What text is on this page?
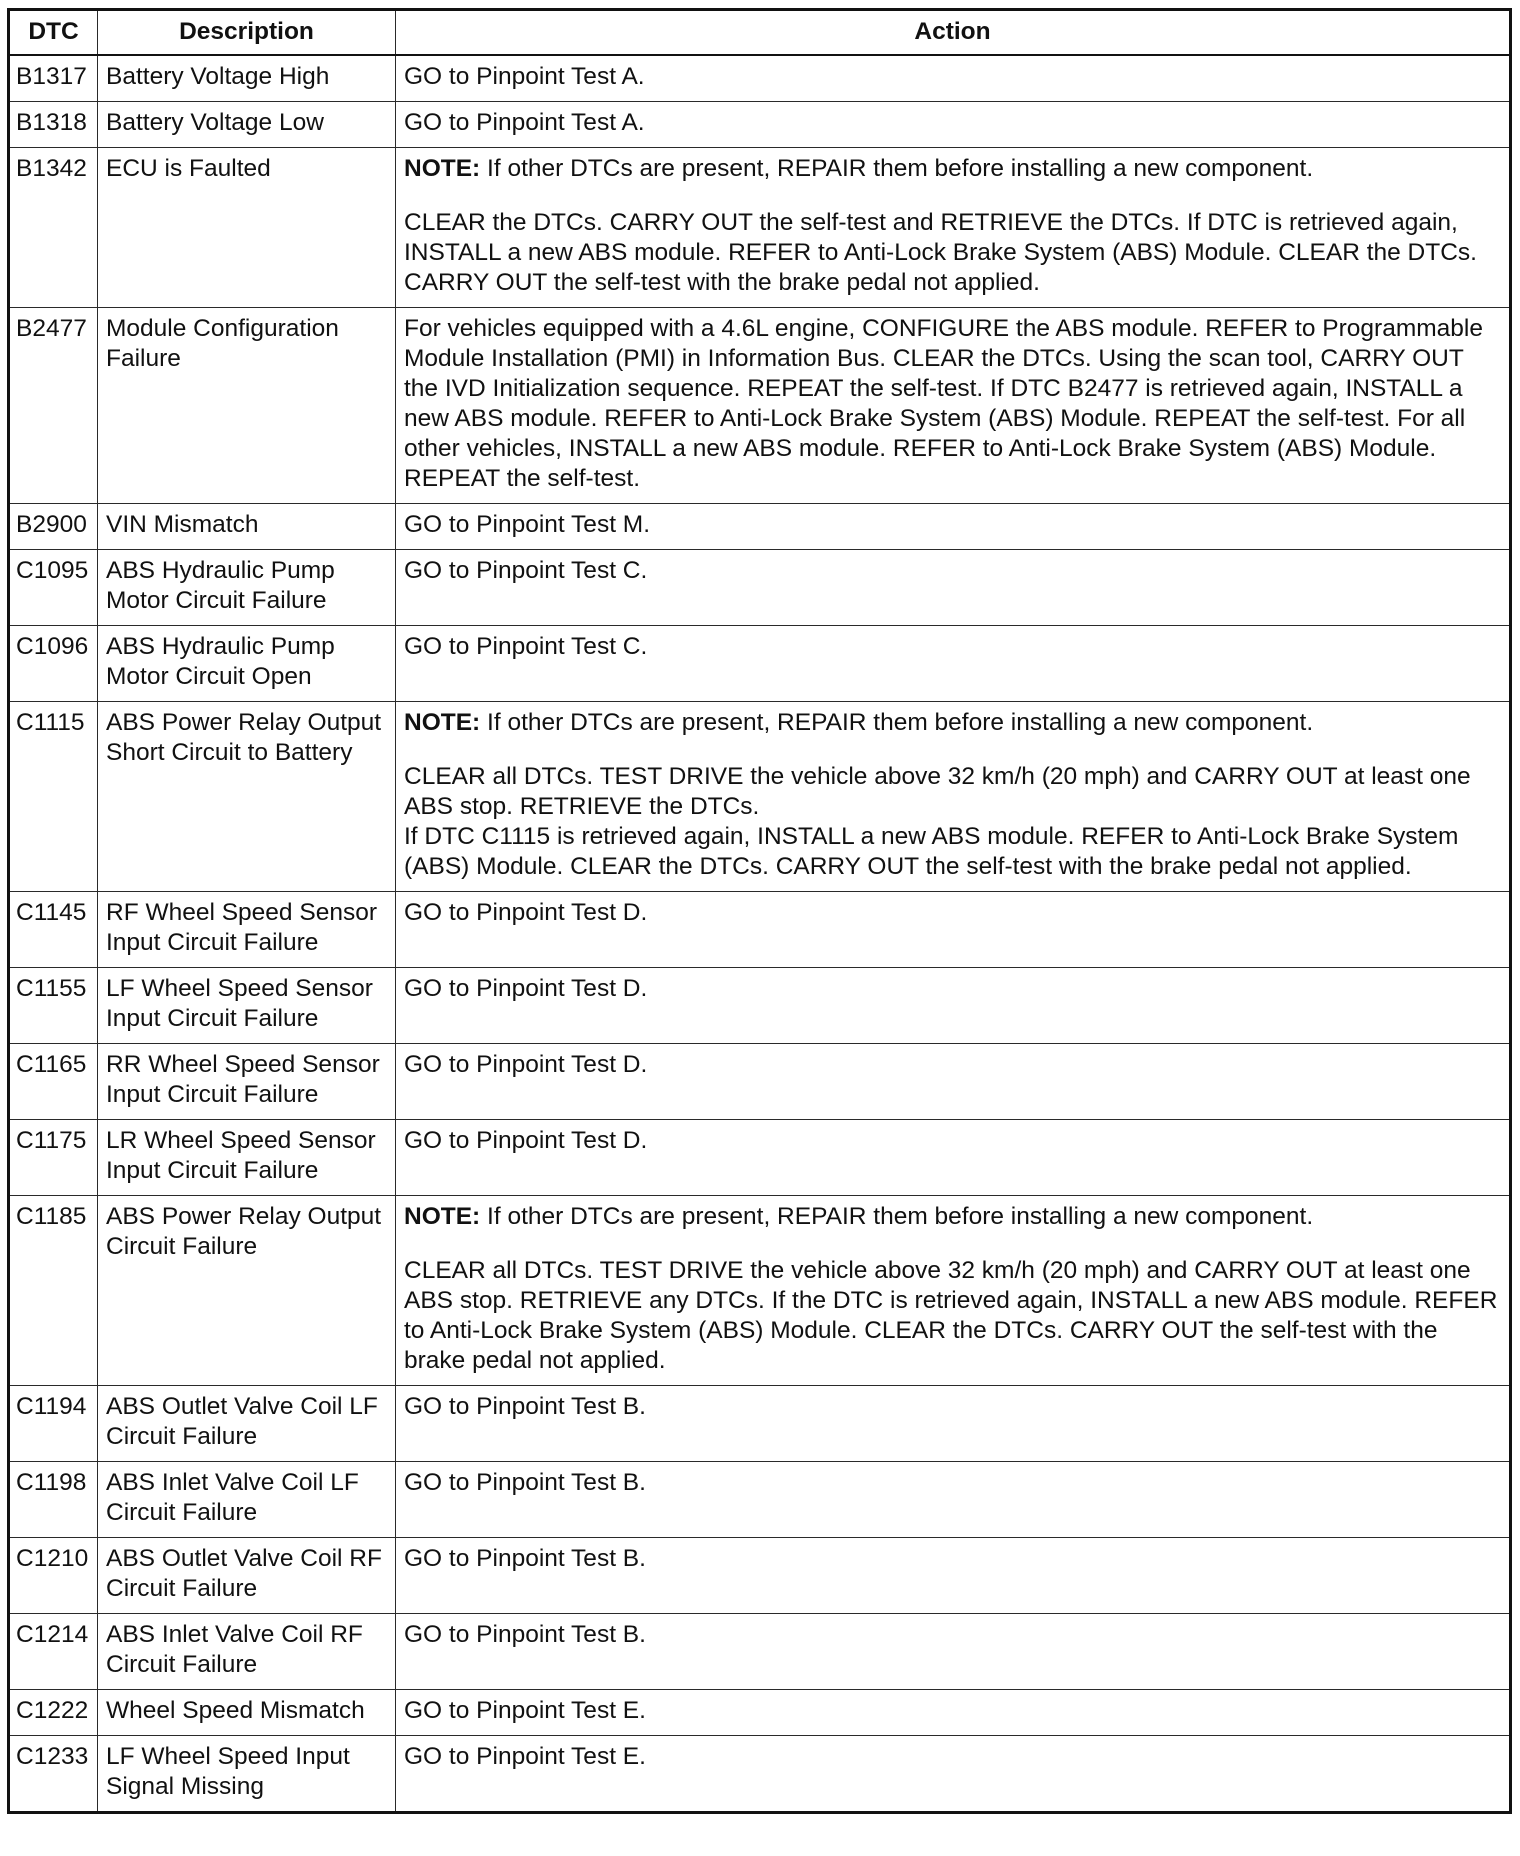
DTC	Description	Action
B1317	Battery Voltage High	GO to Pinpoint Test A.

B1318	Battery Voltage Low	GO to Pinpoint Test A.

B1342	ECU is Faulted	NOTE: If other DTCs are present, REPAIR them before installing a new component.
CLEAR the DTCs. CARRY OUT the self-test and RETRIEVE the DTCs. If DTC is retrieved again, INSTALL a new ABS module. REFER to Anti-Lock Brake System (ABS) Module. CLEAR the DTCs. CARRY OUT the self-test with the brake pedal not applied.

B2477	Module Configuration Failure	For vehicles equipped with a 4.6L engine, CONFIGURE the ABS module. REFER to Programmable Module Installation (PMI) in Information Bus. CLEAR the DTCs. Using the scan tool, CARRY OUT the IVD Initialization sequence. REPEAT the self-test. If DTC B2477 is retrieved again, INSTALL a new ABS module. REFER to Anti-Lock Brake System (ABS) Module. REPEAT the self-test. For all other vehicles, INSTALL a new ABS module. REFER to Anti-Lock Brake System (ABS) Module. REPEAT the self-test.

B2900	VIN Mismatch	GO to Pinpoint Test M.

C1095	ABS Hydraulic Pump Motor Circuit Failure	GO to Pinpoint Test C.

C1096	ABS Hydraulic Pump Motor Circuit Open	GO to Pinpoint Test C.

C1115	ABS Power Relay Output Short Circuit to Battery	NOTE: If other DTCs are present, REPAIR them before installing a new component.
CLEAR all DTCs. TEST DRIVE the vehicle above 32 km/h (20 mph) and CARRY OUT at least one ABS stop. RETRIEVE the DTCs.
If DTC C1115 is retrieved again, INSTALL a new ABS module. REFER to Anti-Lock Brake System (ABS) Module. CLEAR the DTCs. CARRY OUT the self-test with the brake pedal not applied.

C1145	RF Wheel Speed Sensor Input Circuit Failure	GO to Pinpoint Test D.

C1155	LF Wheel Speed Sensor Input Circuit Failure	GO to Pinpoint Test D.

C1165	RR Wheel Speed Sensor Input Circuit Failure	GO to Pinpoint Test D.

C1175	LR Wheel Speed Sensor Input Circuit Failure	GO to Pinpoint Test D.

C1185	ABS Power Relay Output Circuit Failure	NOTE: If other DTCs are present, REPAIR them before installing a new component.
CLEAR all DTCs. TEST DRIVE the vehicle above 32 km/h (20 mph) and CARRY OUT at least one ABS stop. RETRIEVE any DTCs. If the DTC is retrieved again, INSTALL a new ABS module. REFER to Anti-Lock Brake System (ABS) Module. CLEAR the DTCs. CARRY OUT the self-test with the brake pedal not applied.

C1194	ABS Outlet Valve Coil LF Circuit Failure	GO to Pinpoint Test B.

C1198	ABS Inlet Valve Coil LF Circuit Failure	GO to Pinpoint Test B.

C1210	ABS Outlet Valve Coil RF Circuit Failure	GO to Pinpoint Test B.

C1214	ABS Inlet Valve Coil RF Circuit Failure	GO to Pinpoint Test B.

C1222	Wheel Speed Mismatch	GO to Pinpoint Test E.

C1233	LF Wheel Speed Input Signal Missing	GO to Pinpoint Test E.
